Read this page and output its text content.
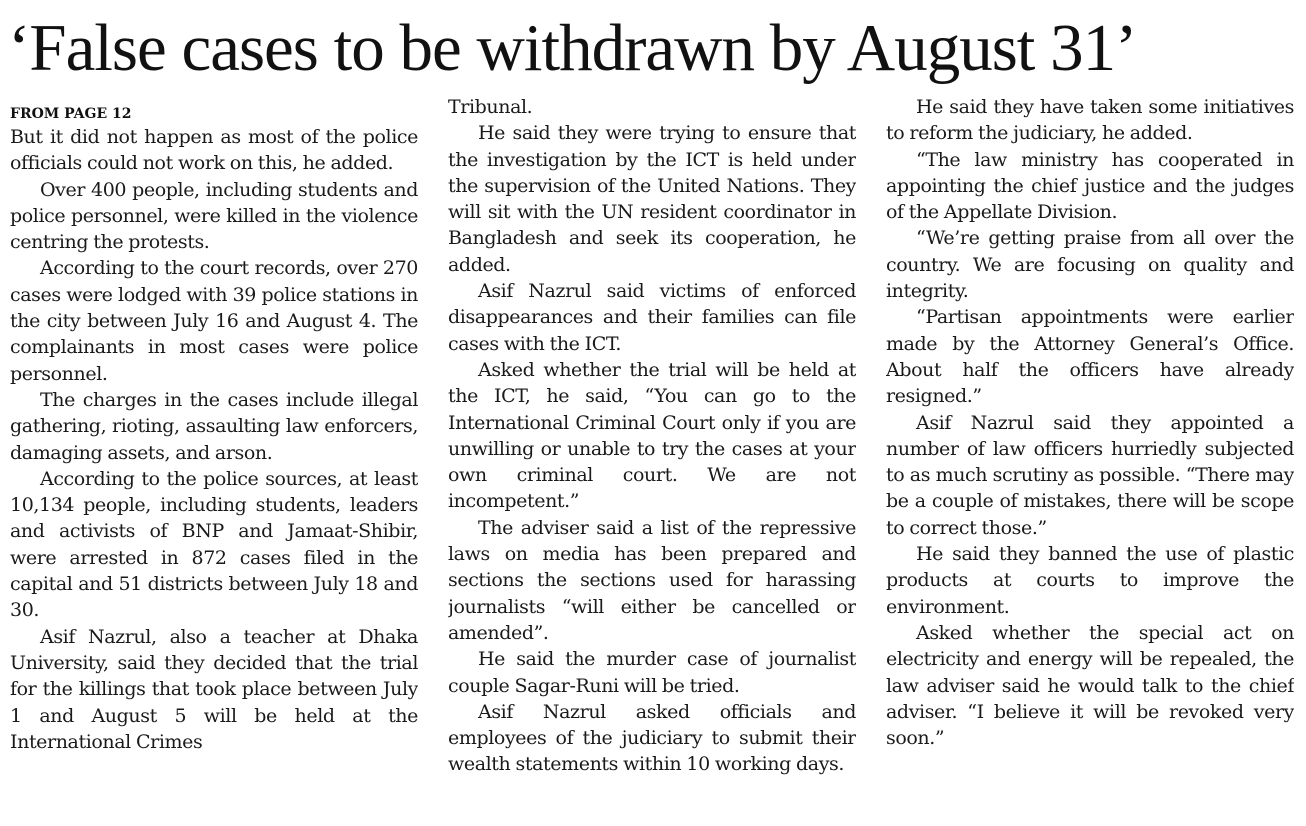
‘False cases to be withdrawn by August 31’
FROM PAGE 12

But it did not happen as most of the police officials could not work on this, he added.

Over 400 people, including students and police personnel, were killed in the violence centring the protests.

According to the court records, over 270 cases were lodged with 39 police stations in the city between July 16 and August 4. The complainants in most cases were police personnel.

The charges in the cases include illegal gathering, rioting, assaulting law enforcers, damaging assets, and arson.

According to the police sources, at least 10,134 people, including students, leaders and activists of BNP and Jamaat-Shibir, were arrested in 872 cases filed in the capital and 51 districts between July 18 and 30.

Asif Nazrul, also a teacher at Dhaka University, said they decided that the trial for the killings that took place between July 1 and August 5 will be held at the International Crimes

Tribunal.

He said they were trying to ensure that the investigation by the ICT is held under the supervision of the United Nations. They will sit with the UN resident coordinator in Bangladesh and seek its cooperation, he added.

Asif Nazrul said victims of enforced disappearances and their families can file cases with the ICT.

Asked whether the trial will be held at the ICT, he said, “You can go to the International Criminal Court only if you are unwilling or unable to try the cases at your own criminal court. We are not incompetent.”

The adviser said a list of the repressive laws on media has been prepared and sections the sections used for harassing journalists “will either be cancelled or amended”.

He said the murder case of journalist couple Sagar-Runi will be tried.

Asif Nazrul asked officials and employees of the judiciary to submit their wealth statements within 10 working days.

He said they have taken some initiatives to reform the judiciary, he added.

“The law ministry has cooperated in appointing the chief justice and the judges of the Appellate Division.

“We’re getting praise from all over the country. We are focusing on quality and integrity.

“Partisan appointments were earlier made by the Attorney General’s Office. About half the officers have already resigned.”

Asif Nazrul said they appointed a number of law officers hurriedly subjected to as much scrutiny as possible. “There may be a couple of mistakes, there will be scope to correct those.”

He said they banned the use of plastic products at courts to improve the environment.

Asked whether the special act on electricity and energy will be repealed, the law adviser said he would talk to the chief adviser. “I believe it will be revoked very soon.”
